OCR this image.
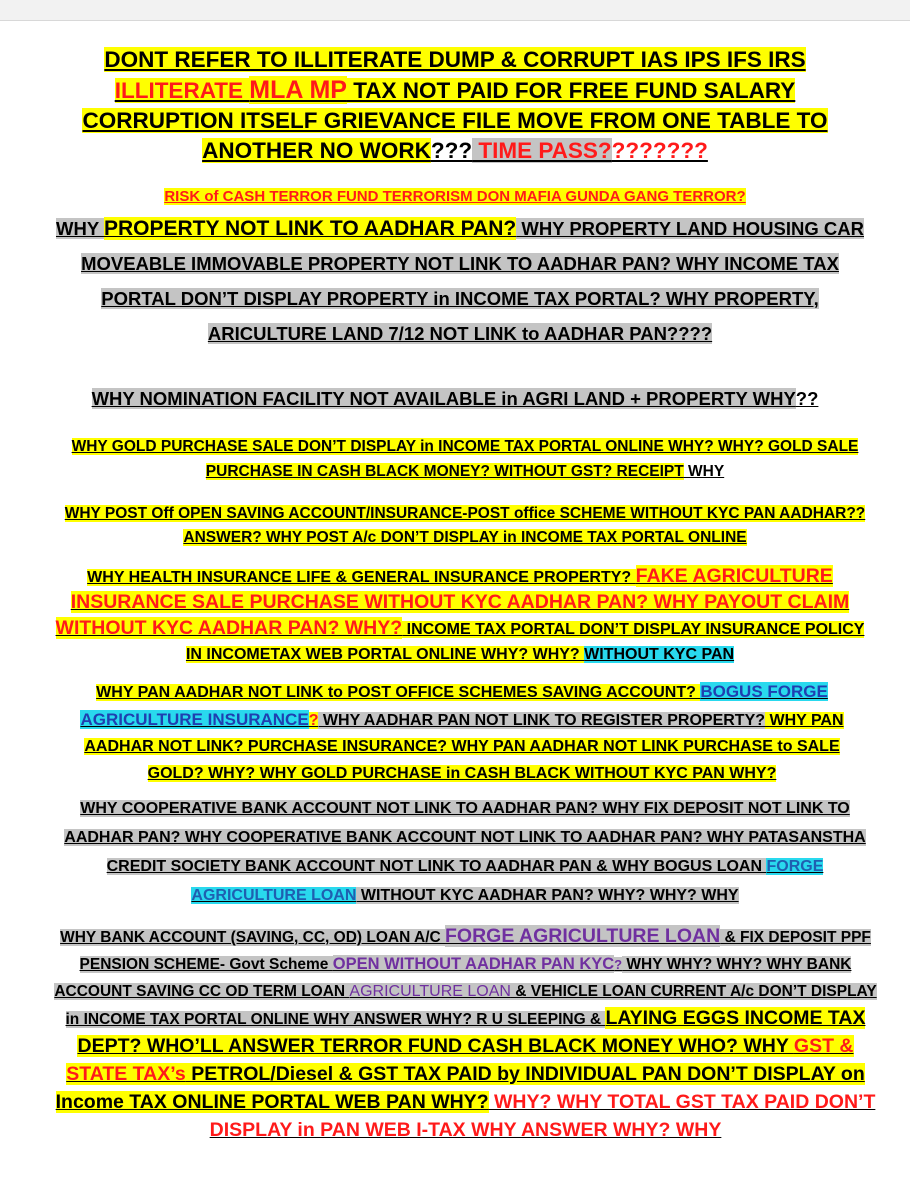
DONT REFER TO ILLITERATE DUMP & CORRUPT IAS IPS IFS IRS
ILLITERATE MLA MP TAX NOT PAID FOR FREE FUND SALARY CORRUPTION ITSELF GRIEVANCE FILE MOVE FROM ONE TABLE TO ANOTHER NO WORK??? TIME PASS????????
RISK of CASH TERROR FUND TERRORISM DON MAFIA GUNDA GANG TERROR?
WHY PROPERTY NOT LINK TO AADHAR PAN? WHY PROPERTY LAND HOUSING CAR MOVEABLE IMMOVABLE PROPERTY NOT LINK TO AADHAR PAN? WHY INCOME TAX PORTAL DON’T DISPLAY PROPERTY in INCOME TAX PORTAL? WHY PROPERTY, ARICULTURE LAND 7/12 NOT LINK to AADHAR PAN????
WHY NOMINATION FACILITY NOT AVAILABLE in AGRI LAND + PROPERTY WHY??
WHY GOLD PURCHASE SALE DON’T DISPLAY in INCOME TAX PORTAL ONLINE WHY? WHY? GOLD SALE PURCHASE IN CASH BLACK MONEY? WITHOUT GST? RECEIPT WHY
WHY POST Off OPEN SAVING ACCOUNT/INSURANCE-POST office SCHEME WITHOUT KYC PAN AADHAR?? ANSWER? WHY POST A/c DON’T DISPLAY in INCOME TAX PORTAL ONLINE
WHY HEALTH INSURANCE LIFE & GENERAL INSURANCE PROPERTY? FAKE AGRICULTURE INSURANCE SALE PURCHASE WITHOUT KYC AADHAR PAN? WHY PAYOUT CLAIM WITHOUT KYC AADHAR PAN? WHY? INCOME TAX PORTAL DON’T DISPLAY INSURANCE POLICY IN INCOMETAX WEB PORTAL ONLINE WHY? WHY? WITHOUT KYC PAN
WHY PAN AADHAR NOT LINK to POST OFFICE SCHEMES SAVING ACCOUNT? BOGUS FORGE AGRICULTURE INSURANCE? WHY AADHAR PAN NOT LINK TO REGISTER PROPERTY? WHY PAN AADHAR NOT LINK? PURCHASE INSURANCE? WHY PAN AADHAR NOT LINK PURCHASE to SALE GOLD? WHY? WHY GOLD PURCHASE in CASH BLACK WITHOUT KYC PAN WHY?
WHY COOPERATIVE BANK ACCOUNT NOT LINK TO AADHAR PAN? WHY FIX DEPOSIT NOT LINK TO AADHAR PAN? WHY COOPERATIVE BANK ACCOUNT NOT LINK TO AADHAR PAN? WHY PATASANSTHA CREDIT SOCIETY BANK ACCOUNT NOT LINK TO AADHAR PAN & WHY BOGUS LOAN FORGE AGRICULTURE LOAN WITHOUT KYC AADHAR PAN? WHY? WHY? WHY
WHY BANK ACCOUNT (SAVING, CC, OD) LOAN A/C FORGE AGRICULTURE LOAN & FIX DEPOSIT PPF PENSION SCHEME- Govt Scheme OPEN WITHOUT AADHAR PAN KYC? WHY WHY? WHY? WHY BANK ACCOUNT SAVING CC OD TERM LOAN AGRICULTURE LOAN & VEHICLE LOAN CURRENT A/c DON’T DISPLAY in INCOME TAX PORTAL ONLINE WHY ANSWER WHY? R U SLEEPING & LAYING EGGS INCOME TAX DEPT? WHO’LL ANSWER TERROR FUND CASH BLACK MONEY WHO? WHY GST & STATE TAX’s PETROL/Diesel & GST TAX PAID by INDIVIDUAL PAN DON’T DISPLAY on Income TAX ONLINE PORTAL WEB PAN WHY? WHY? WHY TOTAL GST TAX PAID DON’T DISPLAY in PAN WEB I-TAX WHY ANSWER WHY? WHY
